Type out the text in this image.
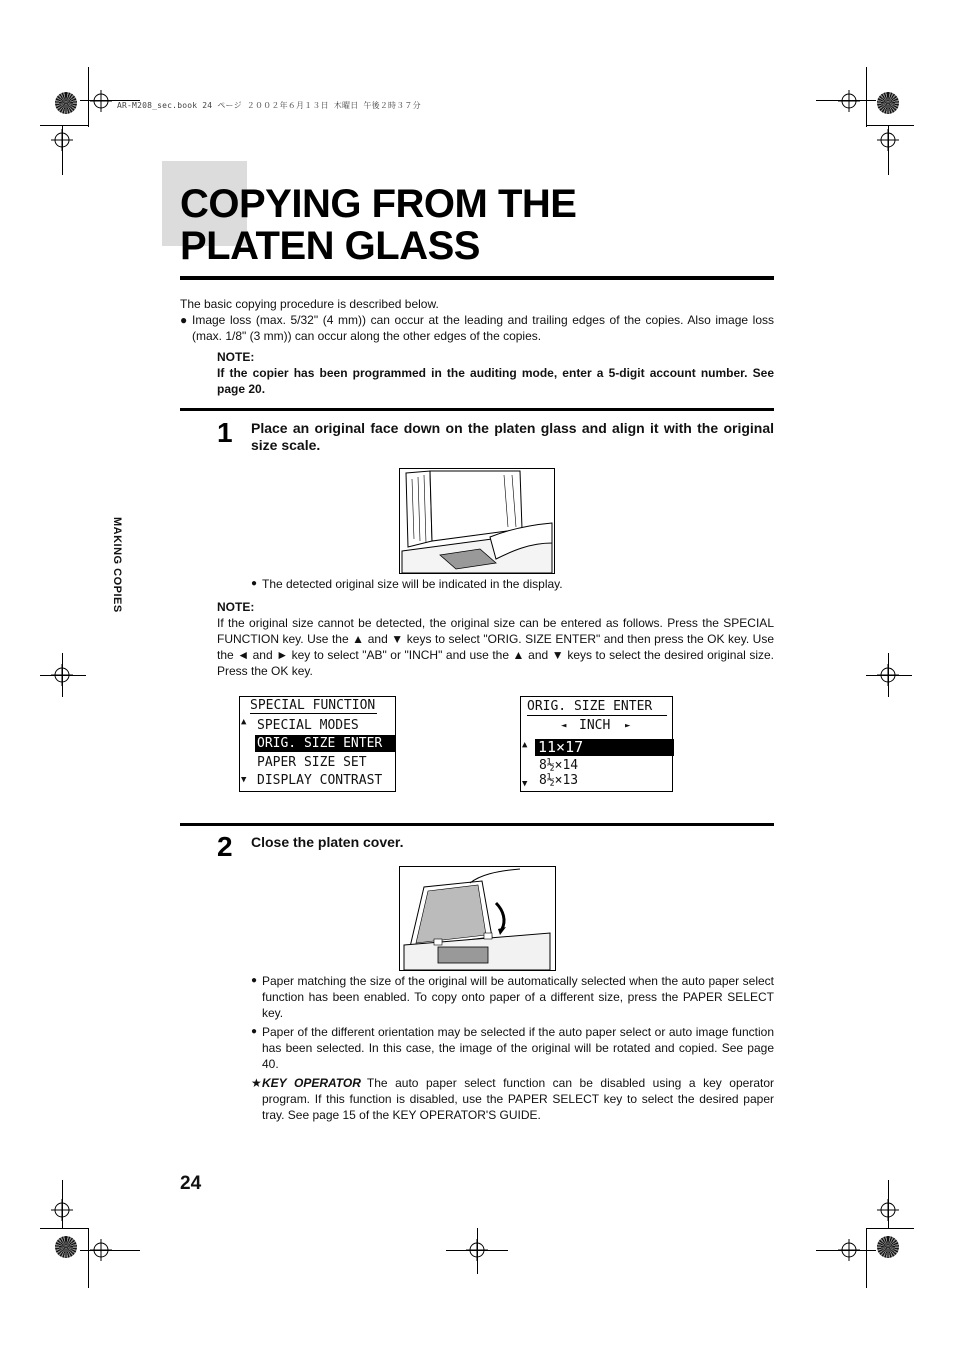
AR-M208_sec.book 24 ページ ２００２年６月１３日 木曜日 午後２時３７分
COPYING FROM THE
PLATEN GLASS
MAKING COPIES
The basic copying procedure is described below.
● Image loss (max. 5/32" (4 mm)) can occur at the leading and trailing edges of the copies. Also image loss (max. 1/8" (3 mm)) can occur along the other edges of the copies.
NOTE:
If the copier has been programmed in the auditing mode, enter a 5-digit account number. See page 20.
1 Place an original face down on the platen glass and align it with the original size scale.
● The detected original size will be indicated in the display.
NOTE:
If the original size cannot be detected, the original size can be entered as follows. Press the SPECIAL FUNCTION key. Use the ▲ and ▼ keys to select "ORIG. SIZE ENTER" and then press the OK key. Use the ◄ and ► key to select "AB" or "INCH" and use the ▲ and ▼ keys to select the desired original size. Press the OK key.
SPECIAL FUNCTION
▲ SPECIAL MODES
ORIG. SIZE ENTER
PAPER SIZE SET
▼ DISPLAY CONTRAST
ORIG. SIZE ENTER
◄ INCH ►
▲ 11×17
8½×14
8½×13
▼
2 Close the platen cover.
● Paper matching the size of the original will be automatically selected when the auto paper select function has been enabled. To copy onto paper of a different size, press the PAPER SELECT key.
● Paper of the different orientation may be selected if the auto paper select or auto image function has been selected. In this case, the image of the original will be rotated and copied. See page 40.
★ KEY OPERATOR The auto paper select function can be disabled using a key operator program. If this function is disabled, use the PAPER SELECT key to select the desired paper tray. See page 15 of the KEY OPERATOR'S GUIDE.
24
